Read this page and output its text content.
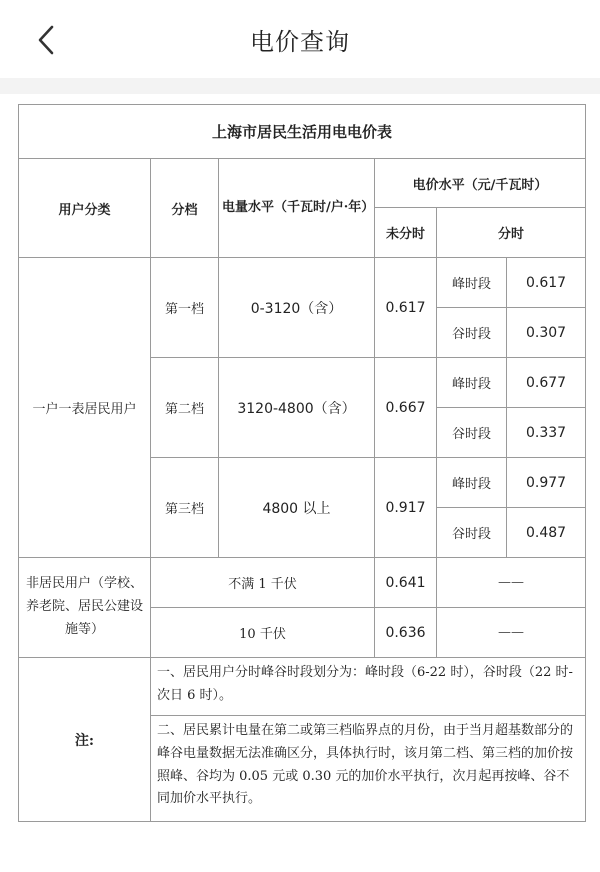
电价查询
上海市居民生活用电电价表					
用户分类	分档	电量水平（千瓦时/户·年）	电价水平（元/千瓦时）		
			未分时	分时	
一户一表居民用户	第一档	0-3120（含）	0.617	峰时段	0.617
				谷时段	0.307
	第二档	3120-4800（含）	0.667	峰时段	0.677
				谷时段	0.337
	第三档	4800 以上	0.917	峰时段	0.977
				谷时段	0.487
非居民用户（学校、养老院、居民公建设施等）	不满 1 千伏		0.641	——	
	10 千伏		0.636	——	
注:	一、居民用户分时峰谷时段划分为：峰时段（6-22 时），谷时段（22 时-次日 6 时）。				
	二、居民累计电量在第二或第三档临界点的月份，由于当月超基数部分的峰谷电量数据无法准确区分，具体执行时，该月第二档、第三档的加价按照峰、谷均为 0.05 元或 0.30 元的加价水平执行，次月起再按峰、谷不同加价水平执行。				
